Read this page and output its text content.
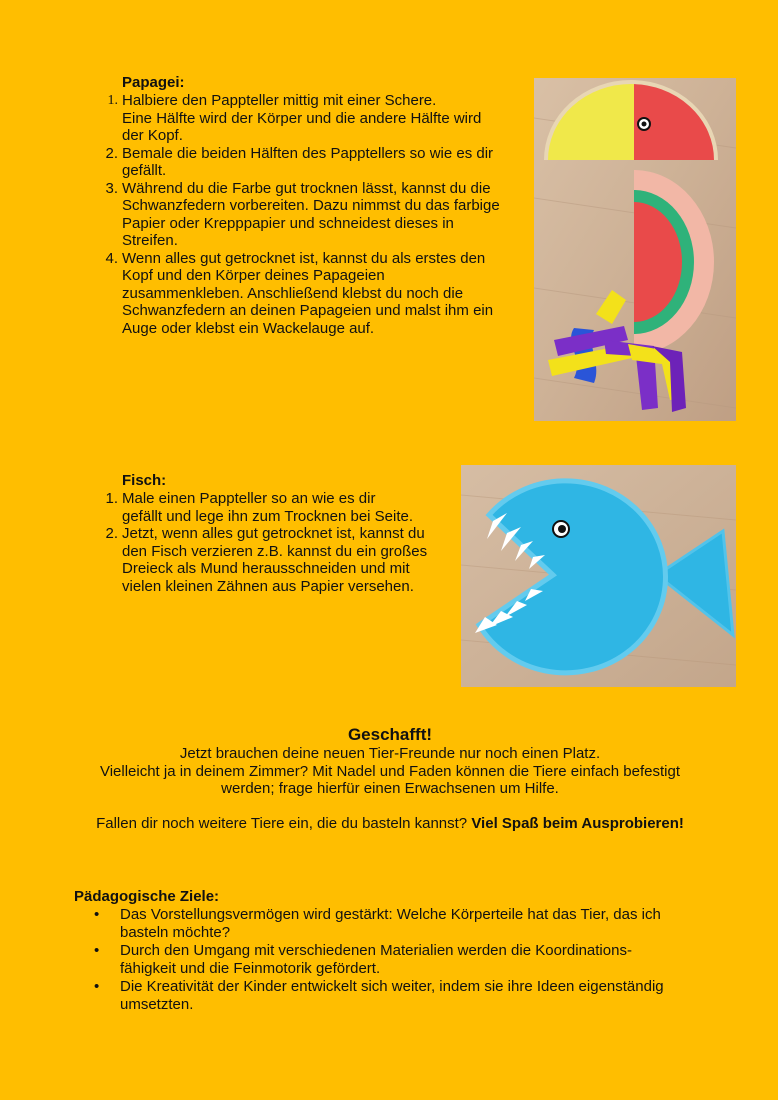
Papagei:
1. Halbiere den Pappteller mittig mit einer Schere.
Eine Hälfte wird der Körper und die andere Hälfte wird
der Kopf.
2. Bemale die beiden Hälften des Papptellers so wie es dir
gefällt.
3. Während du die Farbe gut trocknen lässt, kannst du die
Schwanzfedern vorbereiten. Dazu nimmst du das farbige
Papier oder Krepppapier und schneidest dieses in
Streifen.
4. Wenn alles gut getrocknet ist, kannst du als erstes den
Kopf und den Körper deines Papageien
zusammenkleben. Anschließend klebst du noch die
Schwanzfedern an deinen Papageien und malst ihm ein
Auge oder klebst ein Wackelauge auf.
Fisch:
1. Male einen Pappteller so an wie es dir
gefällt und lege ihn zum Trocknen bei Seite.
2. Jetzt, wenn alles gut getrocknet ist, kannst du
den Fisch verzieren z.B. kannst du ein großes
Dreieck als Mund herausschneiden und mit
vielen kleinen Zähnen aus Papier versehen.
Geschafft!
Jetzt brauchen deine neuen Tier-Freunde nur noch einen Platz.
Vielleicht ja in deinem Zimmer? Mit Nadel und Faden können die Tiere einfach befestigt
werden; frage hierfür einen Erwachsenen um Hilfe.
Fallen dir noch weitere Tiere ein, die du basteln kannst? Viel Spaß beim Ausprobieren!
Pädagogische Ziele:
• Das Vorstellungsvermögen wird gestärkt: Welche Körperteile hat das Tier, das ich
basteln möchte?
• Durch den Umgang mit verschiedenen Materialien werden die Koordinations-
fähigkeit und die Feinmotorik gefördert.
• Die Kreativität der Kinder entwickelt sich weiter, indem sie ihre Ideen eigenständig
umsetzten.
